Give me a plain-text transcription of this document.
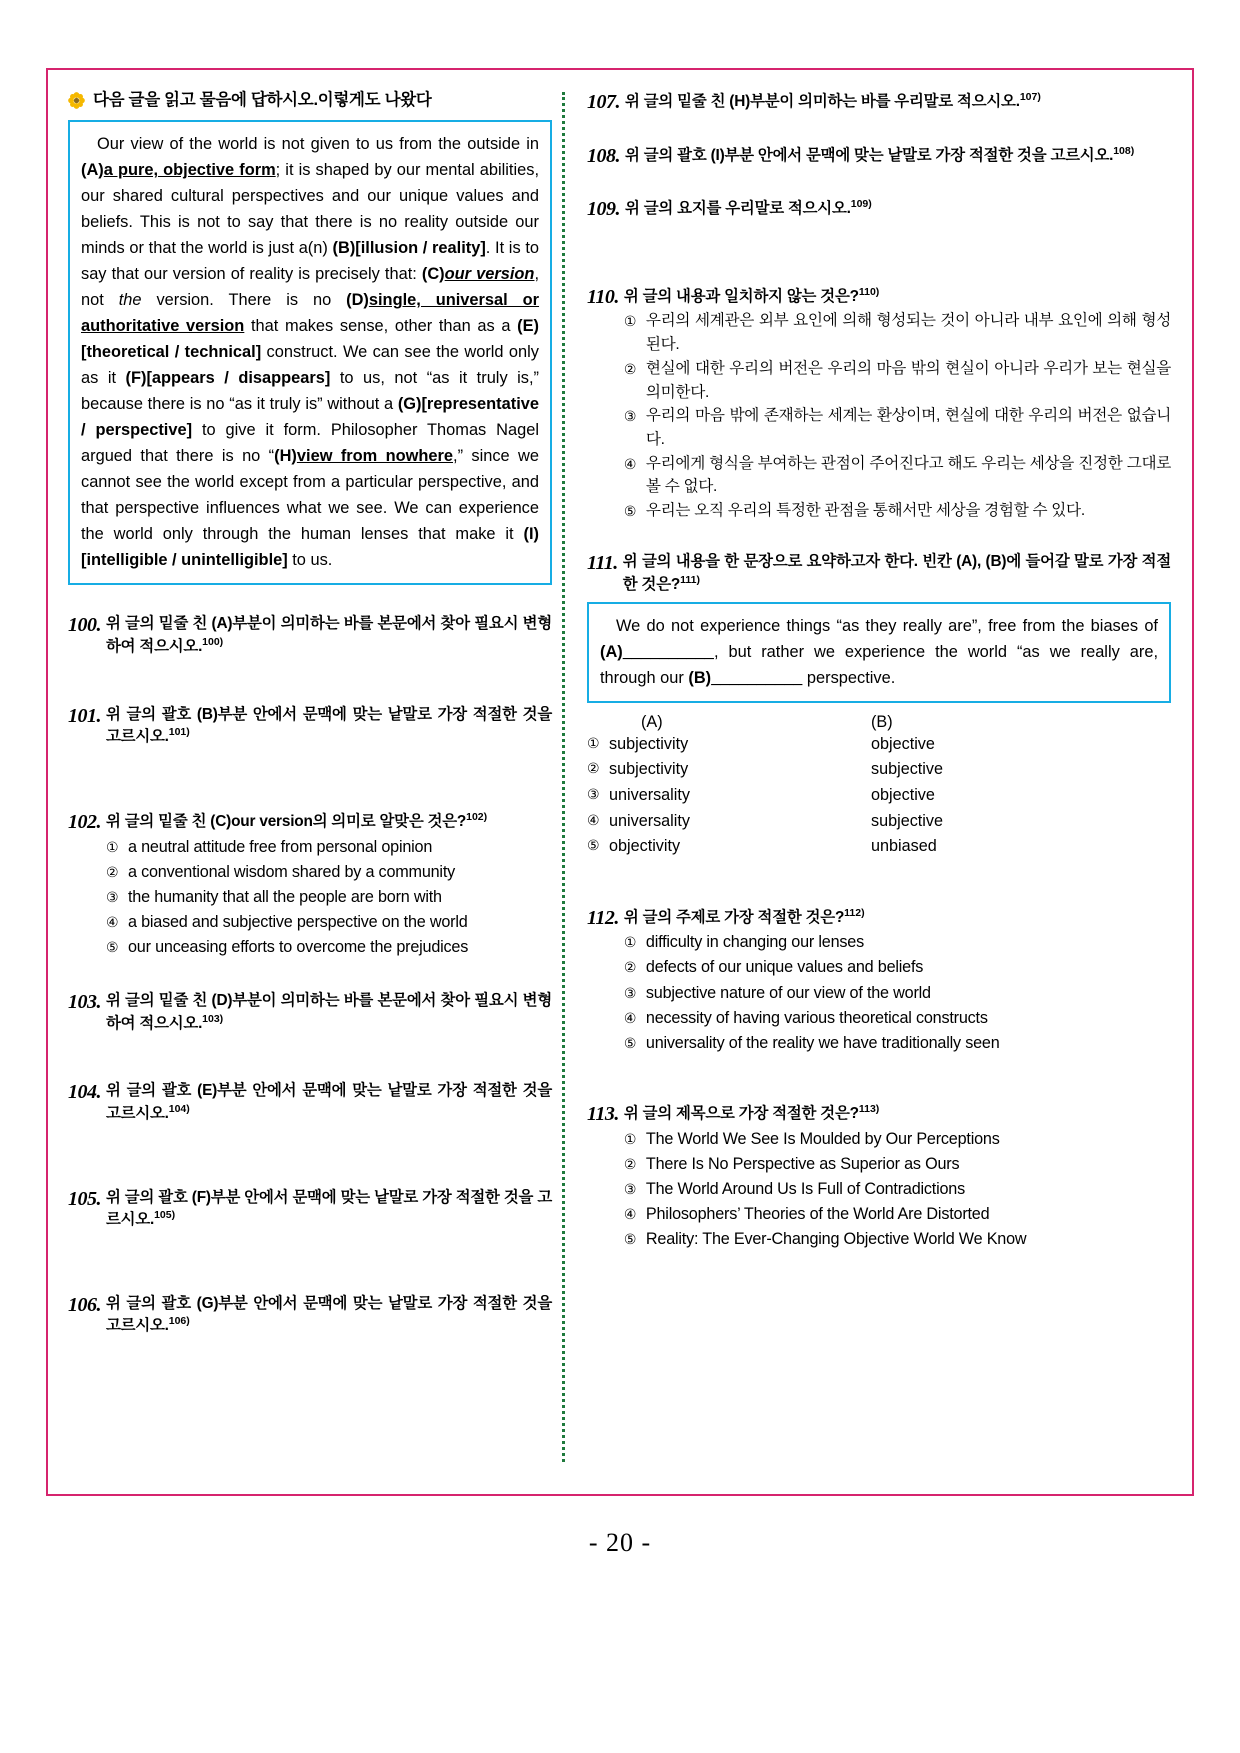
다음 글을 읽고 물음에 답하시오.이렇게도 나왔다

Our view of the world is not given to us from the outside in (A)a pure, objective form; it is shaped by our mental abilities, our shared cultural perspectives and our unique values and beliefs. This is not to say that there is no reality outside our minds or that the world is just a(n) (B)[illusion / reality]. It is to say that our version of reality is precisely that: (C)our version, not the version. There is no (D)single, universal or authoritative version that makes sense, other than as a (E)[theoretical / technical] construct. We can see the world only as it (F)[appears / disappears] to us, not “as it truly is,” because there is no “as it truly is” without a (G)[representative / perspective] to give it form. Philosopher Thomas Nagel argued that there is no “(H)view from nowhere,” since we cannot see the world except from a particular perspective, and that perspective influences what we see. We can experience the world only through the human lenses that make it (I)[intelligible / unintelligible] to us.

100. 위 글의 밑줄 친 (A)부분이 의미하는 바를 본문에서 찾아 필요시 변형하여 적으시오.$^{100)}$
101. 위 글의 괄호 (B)부분 안에서 문맥에 맞는 낱말로 가장 적절한 것을 고르시오.$^{101)}$
102. 위 글의 밑줄 친 (C)our version의 의미로 알맞은 것은?$^{102)}$
① a neutral attitude free from personal opinion
② a conventional wisdom shared by a community
③ the humanity that all the people are born with
④ a biased and subjective perspective on the world
⑤ our unceasing efforts to overcome the prejudices
103. 위 글의 밑줄 친 (D)부분이 의미하는 바를 본문에서 찾아 필요시 변형하여 적으시오.$^{103)}$
104. 위 글의 괄호 (E)부분 안에서 문맥에 맞는 낱말로 가장 적절한 것을 고르시오.$^{104)}$
105. 위 글의 괄호 (F)부분 안에서 문맥에 맞는 낱말로 가장 적절한 것을 고르시오.$^{105)}$
106. 위 글의 괄호 (G)부분 안에서 문맥에 맞는 낱말로 가장 적절한 것을 고르시오.$^{106)}$
107. 위 글의 밑줄 친 (H)부분이 의미하는 바를 우리말로 적으시오.$^{107)}$
108. 위 글의 괄호 (I)부분 안에서 문맥에 맞는 낱말로 가장 적절한 것을 고르시오.$^{108)}$
109. 위 글의 요지를 우리말로 적으시오.$^{109)}$
110. 위 글의 내용과 일치하지 않는 것은?$^{110)}$
① 우리의 세계관은 외부 요인에 의해 형성되는 것이 아니라 내부 요인에 의해 형성된다.
② 현실에 대한 우리의 버전은 우리의 마음 밖의 현실이 아니라 우리가 보는 현실을 의미한다.
③ 우리의 마음 밖에 존재하는 세계는 환상이며, 현실에 대한 우리의 버전은 없습니다.
④ 우리에게 형식을 부여하는 관점이 주어진다고 해도 우리는 세상을 진정한 그대로 볼 수 없다.
⑤ 우리는 오직 우리의 특정한 관점을 통해서만 세상을 경험할 수 있다.
111. 위 글의 내용을 한 문장으로 요약하고자 한다. 빈칸 (A), (B)에 들어갈 말로 가장 적절한 것은?$^{111)}$

We do not experience things “as they really are”, free from the biases of (A)__________, but rather we experience the world “as we really are, through our (B)__________ perspective.

(A)	(B)
① subjectivity	objective
② subjectivity	subjective
③ universality	objective
④ universality	subjective
⑤ objectivity	unbiased
112. 위 글의 주제로 가장 적절한 것은?$^{112)}$
① difficulty in changing our lenses
② defects of our unique values and beliefs
③ subjective nature of our view of the world
④ necessity of having various theoretical constructs
⑤ universality of the reality we have traditionally seen
113. 위 글의 제목으로 가장 적절한 것은?$^{113)}$
① The World We See Is Moulded by Our Perceptions
② There Is No Perspective as Superior as Ours
③ The World Around Us Is Full of Contradictions
④ Philosophers’ Theories of the World Are Distorted
⑤ Reality: The Ever-Changing Objective World We Know
- 20 -
